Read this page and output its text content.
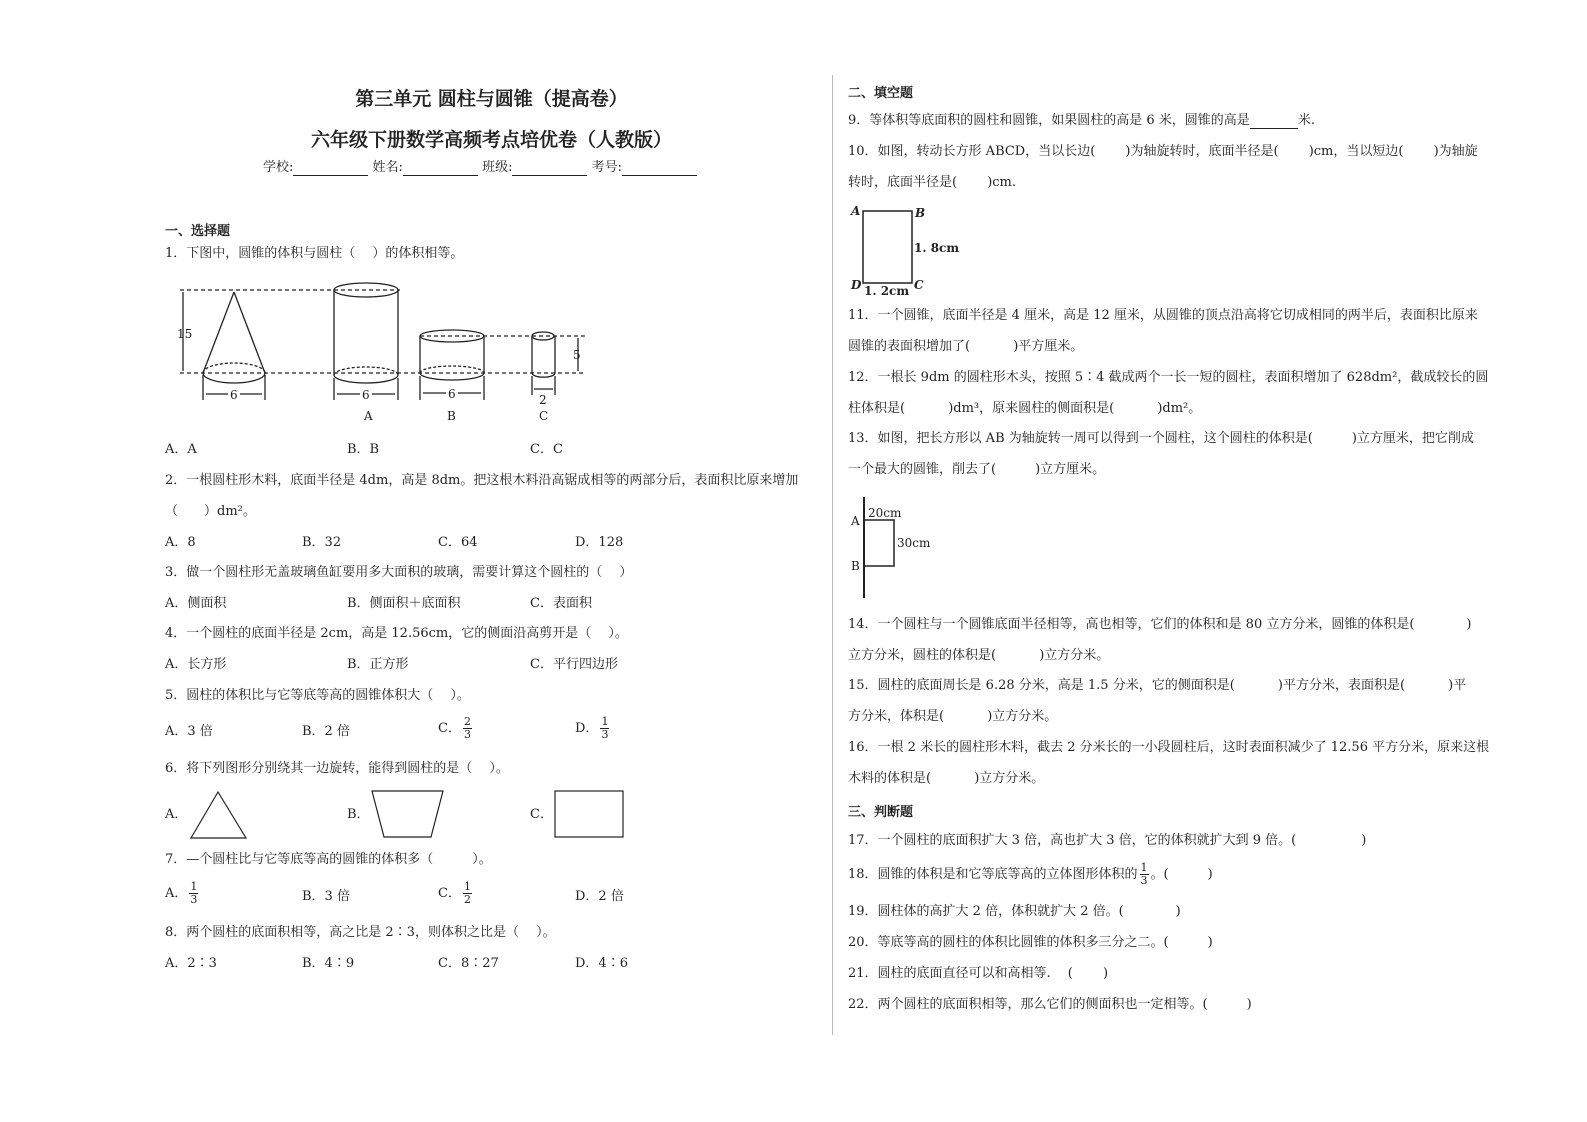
第三单元 圆柱与圆锥（提高卷）
六年级下册数学高频考点培优卷（人教版）
学校:	姓名:	班级:	考号:
一、选择题
1．下图中，圆锥的体积与圆柱（　 ）的体积相等。
15
6	6	6
5
2
A	B	C
A	B
1. 8cm
D	C
1. 2cm
A
B
20cm
30cm
A．A	B．B	C．C
2．一根圆柱形木料，底面半径是 4dm，高是 8dm。把这根木料沿高锯成相等的两部分后，表面积比原来增加
（　　）dm²。
A．8	B．32	C．64	D．128
3．做一个圆柱形无盖玻璃鱼缸要用多大面积的玻璃，需要计算这个圆柱的（　 ）
A．侧面积	B．侧面积＋底面积	C．表面积
4．一个圆柱的底面半径是 2cm，高是 12.56cm，它的侧面沿高剪开是（　 ）。
A．长方形	B．正方形	C．平行四边形
5．圆柱的体积比与它等底等高的圆锥体积大（　 ）。
A．3 倍	B．2 倍	C． $\frac{2}{3}$	D． $\frac{1}{3}$
6．将下列图形分别绕其一边旋转，能得到圆柱的是（　 ）。
A．	B．	C．
7．—个圆柱比与它等底等高的圆锥的体积多（　　　）。
A． $\frac{1}{3}$	B．3 倍	C． $\frac{1}{2}$	D．2 倍
8．两个圆柱的底面积相等，高之比是 2∶3，则体积之比是（　 ）。
A．2∶3	B．4∶9	C．8∶27	D．4∶6
二、填空题
9．等体积等底面积的圆柱和圆锥，如果圆柱的高是 6 米，圆锥的高是	米.
10．如图，转动长方形 ABCD，当以长边(　　 )为轴旋转时，底面半径是(　　 )cm，当以短边(　　 )为轴旋
转时，底面半径是(　　 )cm.
11．一个圆锥，底面半径是 4 厘米，高是 12 厘米，从圆锥的顶点沿高将它切成相同的两半后，表面积比原来
圆锥的表面积增加了(　　　 )平方厘米。
12．一根长 9dm 的圆柱形木头，按照 5∶4 截成两个一长一短的圆柱，表面积增加了 628dm²，截成较长的圆
柱体积是(　　　 )dm³，原来圆柱的侧面积是(　　　 )dm²。
13．如图，把长方形以 AB 为轴旋转一周可以得到一个圆柱，这个圆柱的体积是(　　　)立方厘米，把它削成
一个最大的圆锥，削去了(　　　)立方厘米。
14．一个圆柱与一个圆锥底面半径相等，高也相等，它们的体积和是 80 立方分米，圆锥的体积是(　　　　)
立方分米，圆柱的体积是(　　　 )立方分米。
15．圆柱的底面周长是 6.28 分米，高是 1.5 分米，它的侧面积是(　　　 )平方分米，表面积是(　　　 )平
方分米，体积是(　　　 )立方分米。
16．一根 2 米长的圆柱形木料，截去 2 分米长的一小段圆柱后，这时表面积减少了 12.56 平方分米，原来这根
木料的体积是(　　　 )立方分米。
三、判断题
17．一个圆柱的底面积扩大 3 倍，高也扩大 3 倍，它的体积就扩大到 9 倍。(　　　　　)
18．圆锥的体积是和它等底等高的立体图形体积的 $\frac{1}{3}$ 。(　　　)
19．圆柱体的高扩大 2 倍，体积就扩大 2 倍。(　　　　)
20．等底等高的圆柱的体积比圆锥的体积多三分之二。(　　　)
21．圆柱的底面直径可以和高相等.　 (　　 )
22．两个圆柱的底面积相等，那么它们的侧面积也一定相等。(　　　)
